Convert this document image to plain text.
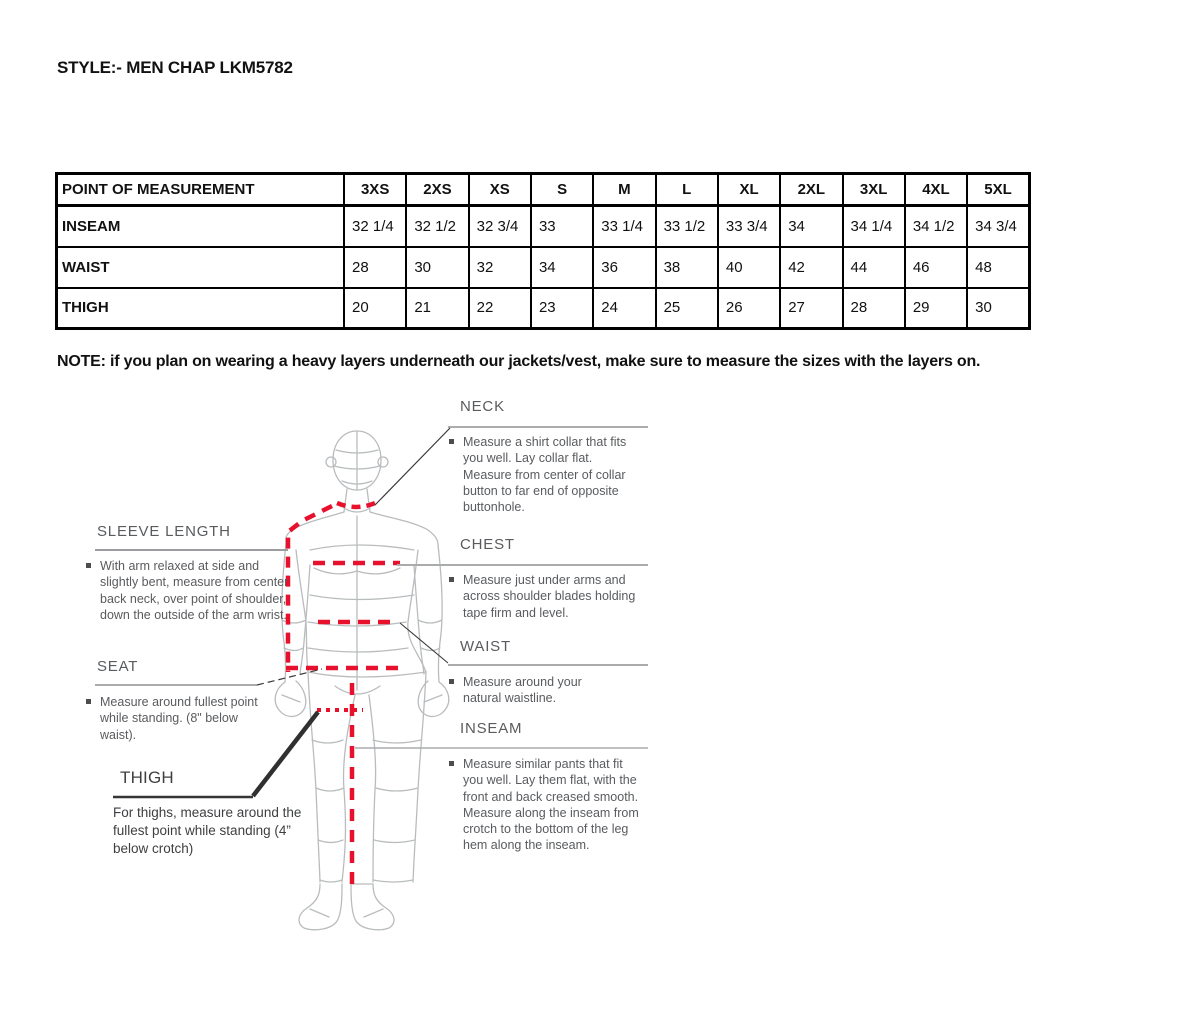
STYLE:- MEN CHAP LKM5782
POINT OF MEASUREMENT	3XS	2XS	XS	S	M	L	XL	2XL	3XL	4XL	5XL
INSEAM	32 1/4	32 1/2	32 3/4	33	33 1/4	33 1/2	33 3/4	34	34 1/4	34 1/2	34 3/4
WAIST	28	30	32	34	36	38	40	42	44	46	48
THIGH	20	21	22	23	24	25	26	27	28	29	30
NOTE: if you plan on wearing a heavy layers underneath our jackets/vest, make sure to measure the sizes with the layers on.
NECK
Measure a shirt collar that fits you well. Lay collar flat. Measure from center of collar button to far end of opposite buttonhole.
CHEST
Measure just under arms and across shoulder blades holding tape firm and level.
WAIST
Measure around your natural waistline.
INSEAM
Measure similar pants that fit you well. Lay them flat, with the front and back creased smooth. Measure along the inseam from crotch to the bottom of the leg hem along the inseam.
SLEEVE LENGTH
With arm relaxed at side and slightly bent, measure from center back neck, over point of shoulder, down the outside of the arm wrist.
SEAT
Measure around fullest point while standing. (8" below waist).
THIGH
For thighs, measure around the fullest point while standing (4” below crotch)
